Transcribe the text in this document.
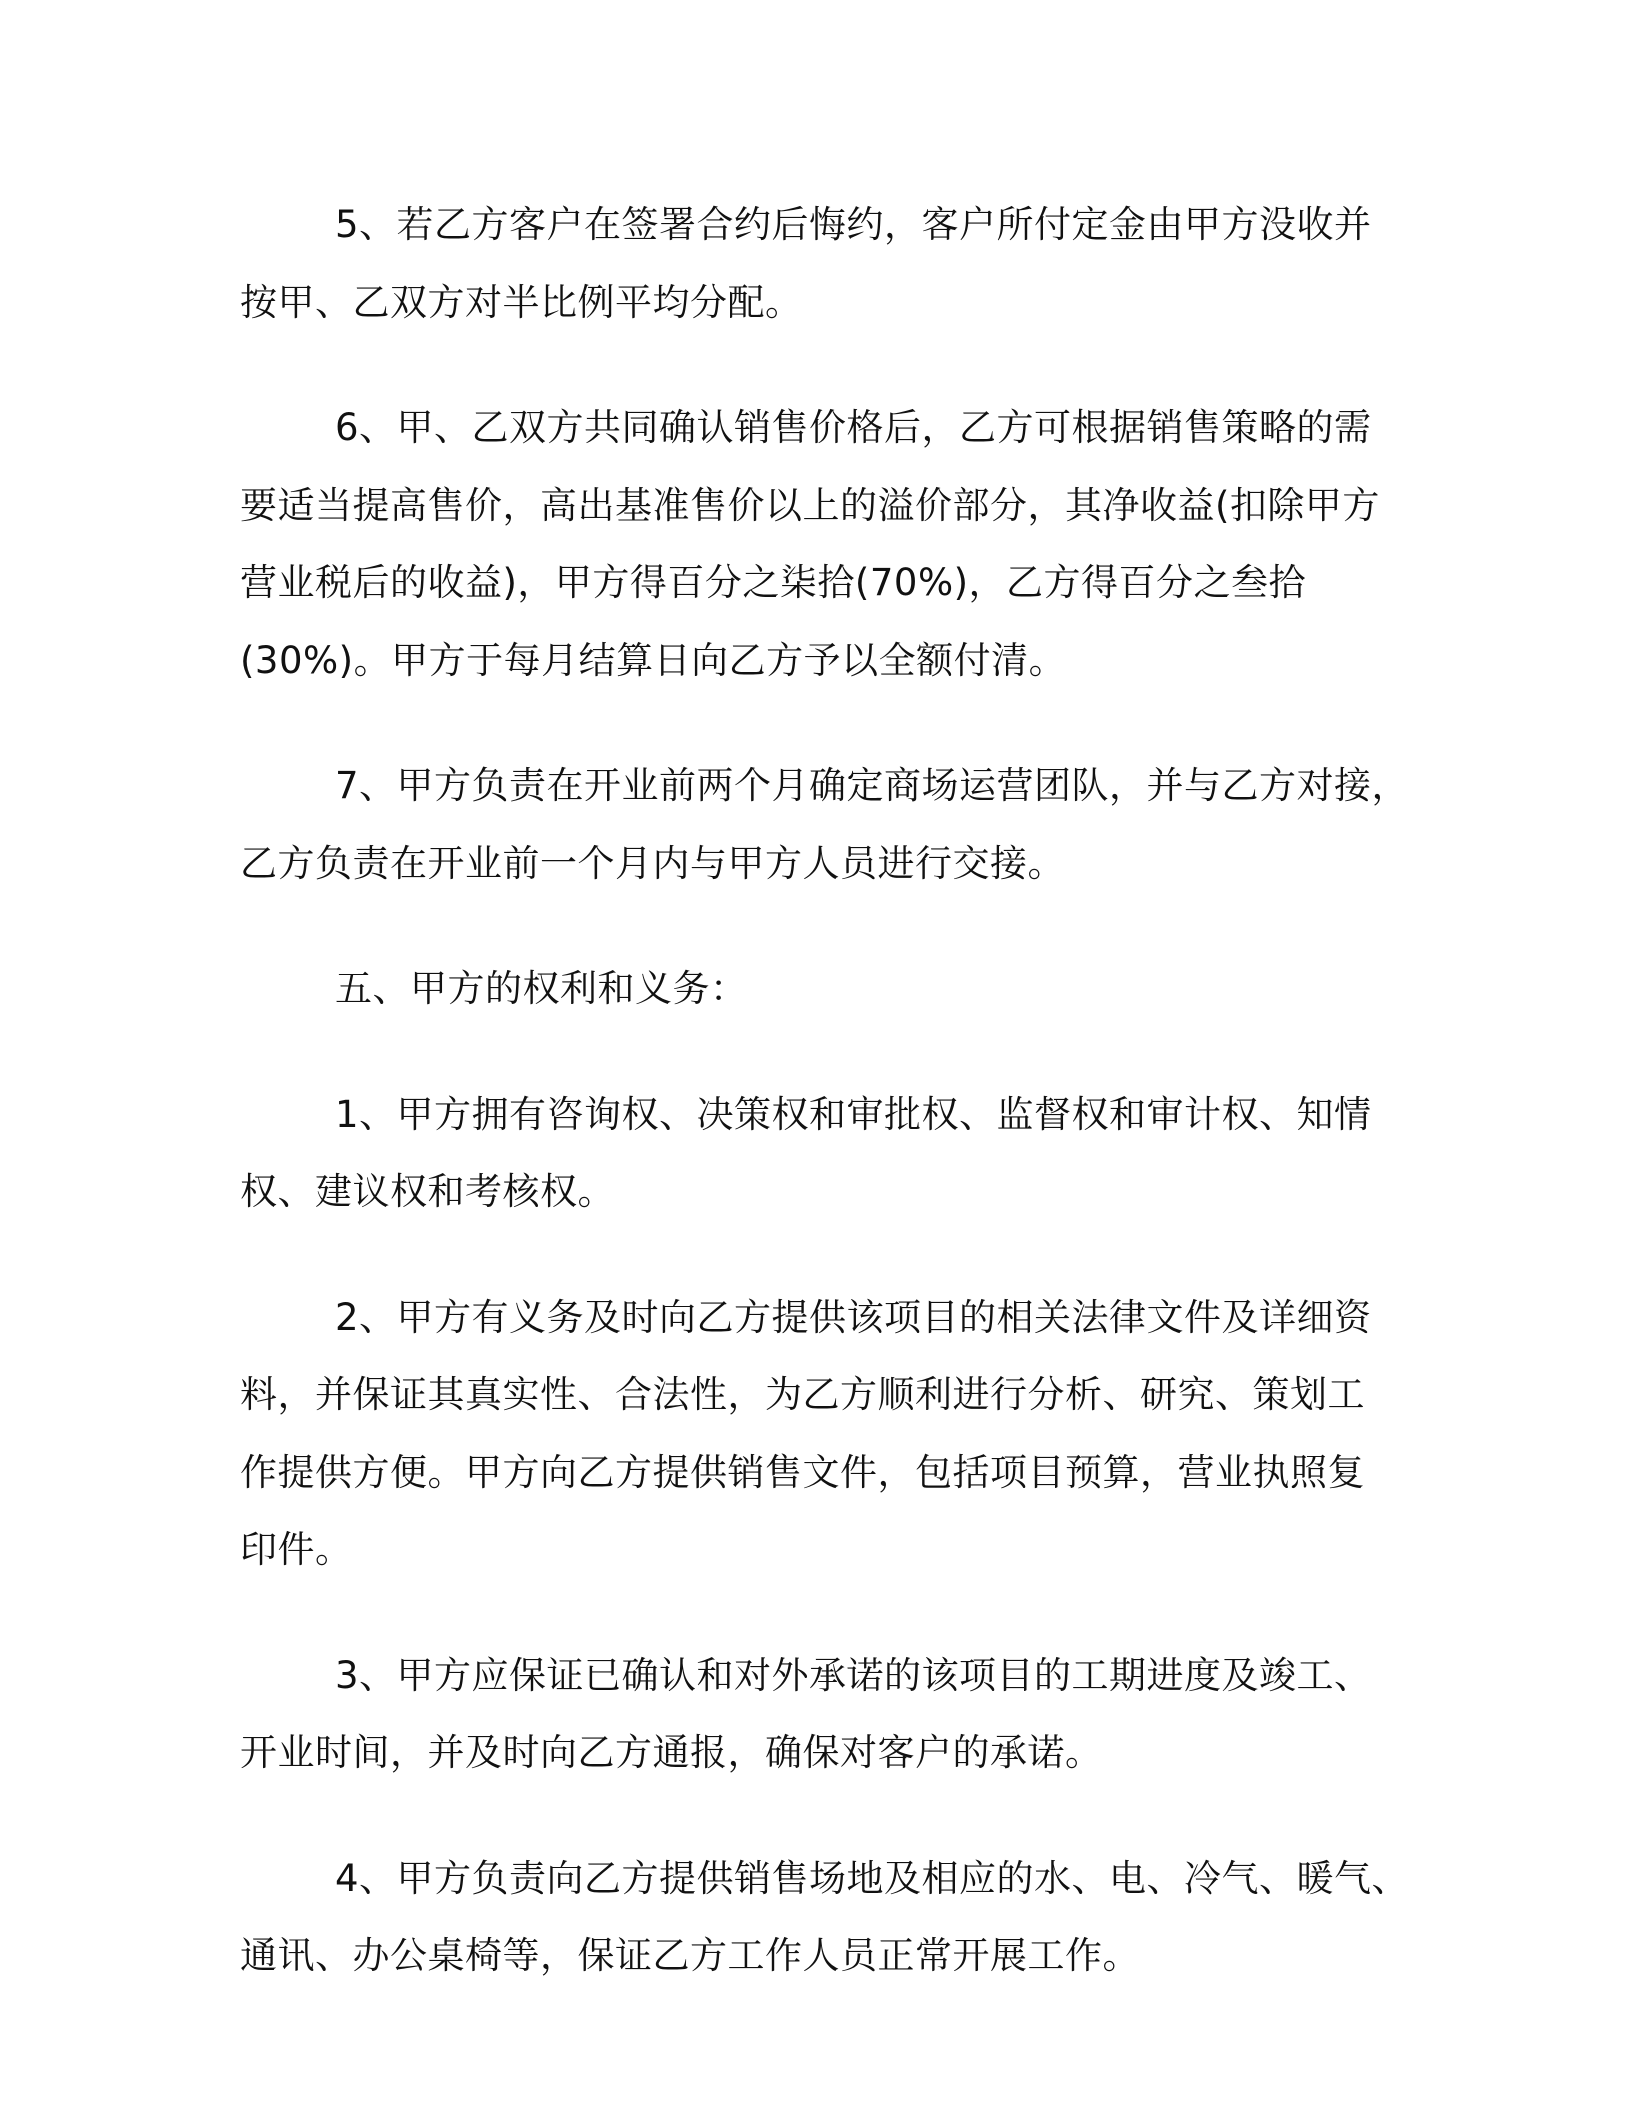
5、若乙方客户在签署合约后悔约，客户所付定金由甲方没收并
按甲、乙双方对半比例平均分配。

6、甲、乙双方共同确认销售价格后，乙方可根据销售策略的需
要适当提高售价，高出基准售价以上的溢价部分，其净收益(扣除甲方
营业税后的收益)，甲方得百分之柒拾(70%)，乙方得百分之叁拾
(30%)。甲方于每月结算日向乙方予以全额付清。

7、甲方负责在开业前两个月确定商场运营团队，并与乙方对接，
乙方负责在开业前一个月内与甲方人员进行交接。

五、甲方的权利和义务：

1、甲方拥有咨询权、决策权和审批权、监督权和审计权、知情
权、建议权和考核权。

2、甲方有义务及时向乙方提供该项目的相关法律文件及详细资
料，并保证其真实性、合法性，为乙方顺利进行分析、研究、策划工
作提供方便。甲方向乙方提供销售文件，包括项目预算，营业执照复
印件。

3、甲方应保证已确认和对外承诺的该项目的工期进度及竣工、
开业时间，并及时向乙方通报，确保对客户的承诺。

4、甲方负责向乙方提供销售场地及相应的水、电、冷气、暖气、
通讯、办公桌椅等，保证乙方工作人员正常开展工作。
